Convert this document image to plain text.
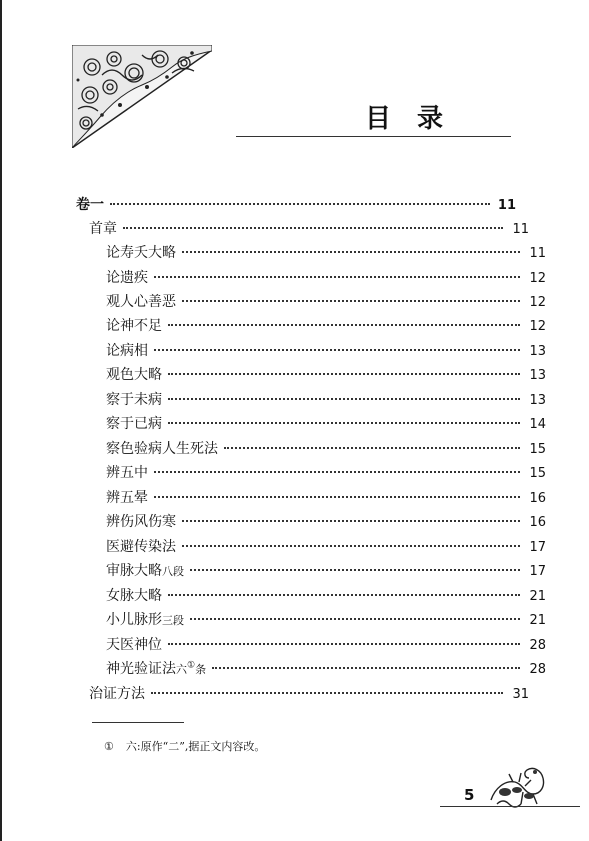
目录
卷一	11
首章	11
论寿夭大略	11
论遗疾	12
观人心善恶	12
论神不足	12
论病相	13
观色大略	13
察于未病	13
察于已病	14
察色验病人生死法	15
辨五中	15
辨五晕	16
辨伤风伤寒	16
医避传染法	17
审脉大略八段	17
女脉大略	21
小儿脉形三段	21
天医神位	28
神光验证法六①条	28
治证方法	31
① 六:原作“二”,据正文内容改。
5
